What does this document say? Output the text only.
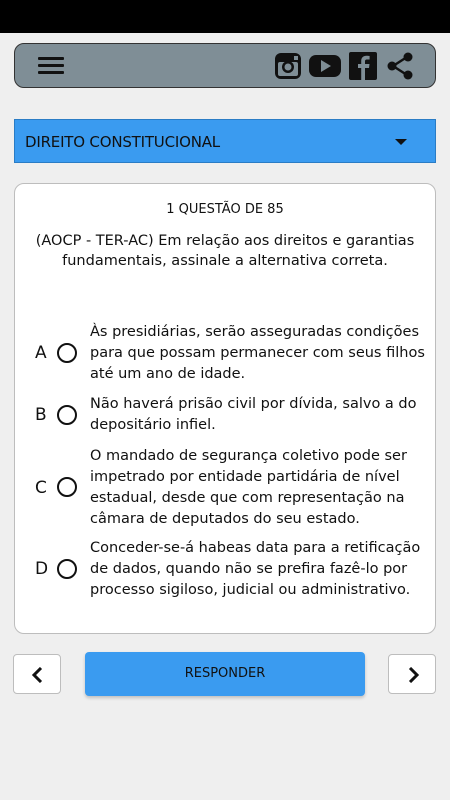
DIREITO CONSTITUCIONAL
1 QUESTÃO DE 85
(AOCP - TER-AC) Em relação aos direitos e garantias fundamentais, assinale a alternativa correta.
A
Às presidiárias, serão asseguradas condições para que possam permanecer com seus filhos até um ano de idade.
B
Não haverá prisão civil por dívida, salvo a do depositário infiel.
C
O mandado de segurança coletivo pode ser impetrado por entidade partidária de nível estadual, desde que com representação na câmara de deputados do seu estado.
D
Conceder-se-á habeas data para a retificação de dados, quando não se prefira fazê-lo por processo sigiloso, judicial ou administrativo.
RESPONDER
